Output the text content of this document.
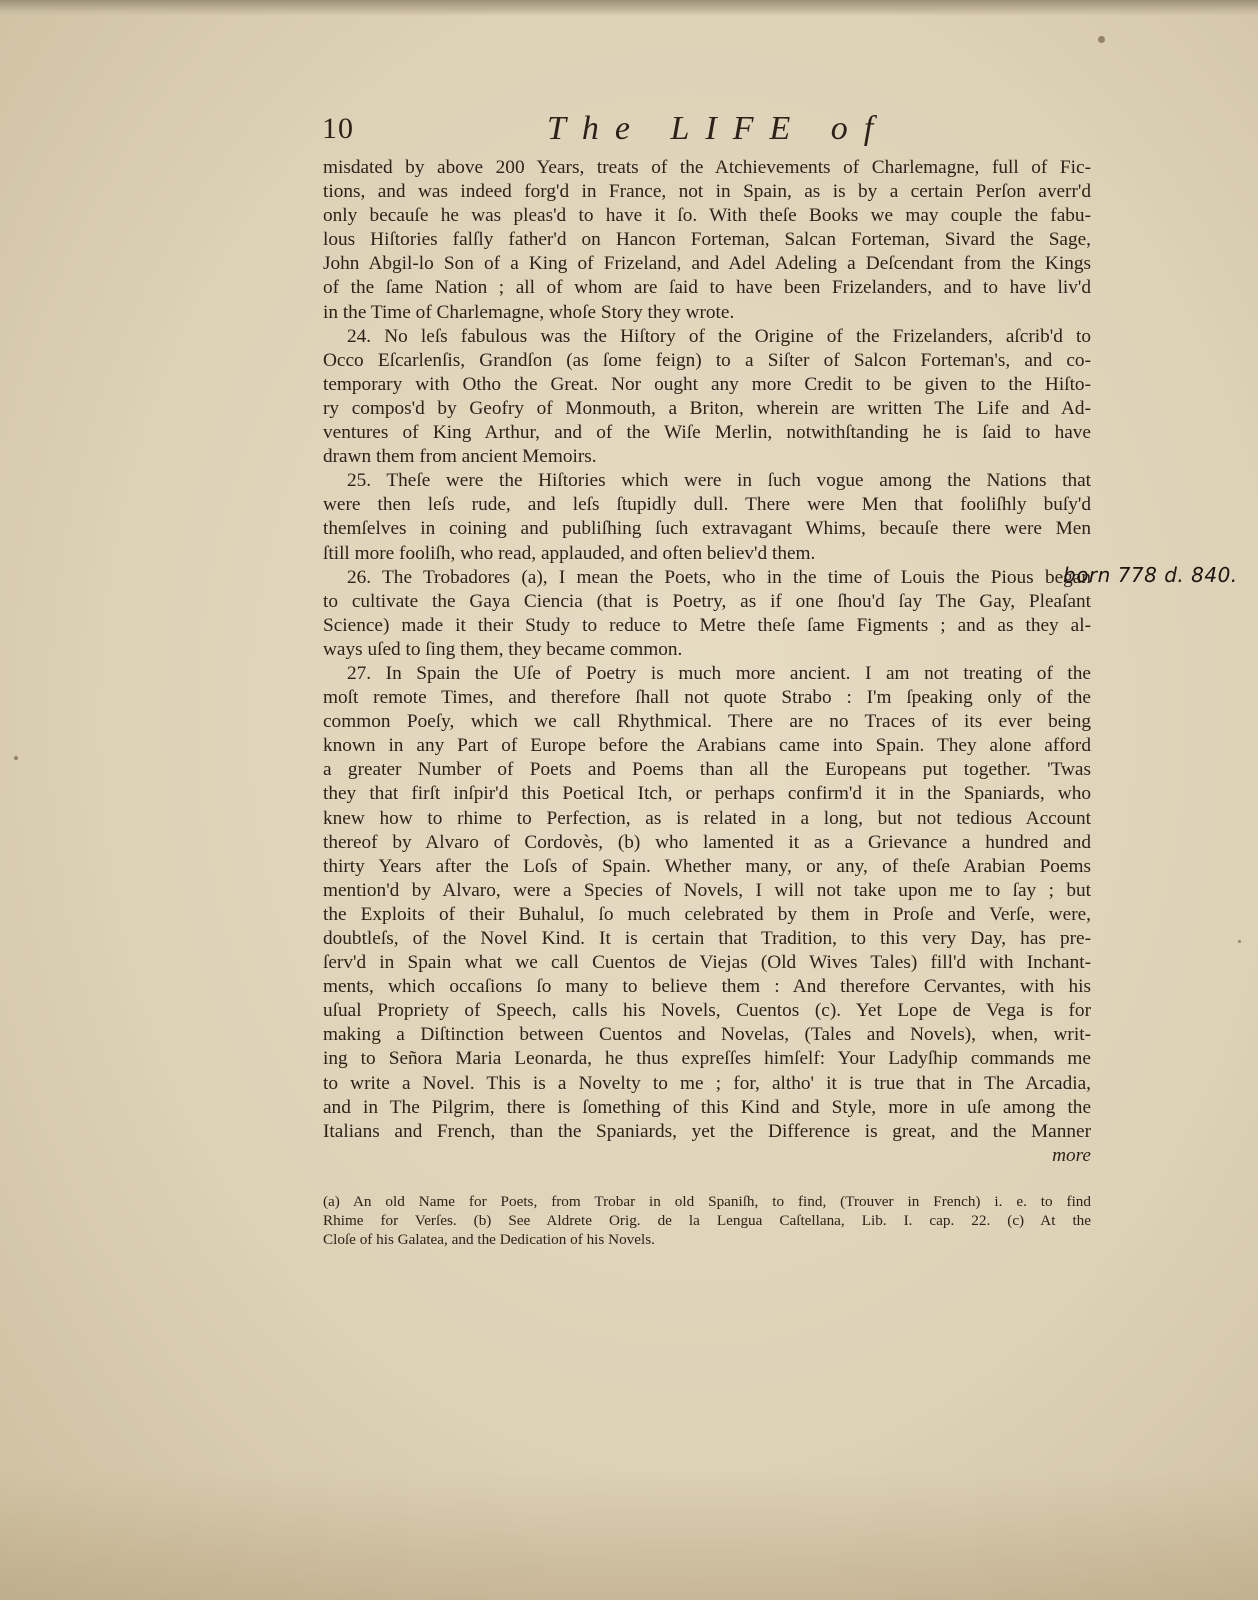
10	The LIFE of
misdated by above 200 Years, treats of the Atchievements of Charlemagne, full of Fic-
tions, and was indeed forg'd in France, not in Spain, as is by a certain Perſon averr'd
only becauſe he was pleas'd to have it ſo. With theſe Books we may couple the fabu-
lous Hiſtories falſly father'd on Hancon Forteman, Salcan Forteman, Sivard the Sage,
John Abgil-lo Son of a King of Frizeland, and Adel Adeling a Deſcendant from the Kings
of the ſame Nation ; all of whom are ſaid to have been Frizelanders, and to have liv'd
in the Time of Charlemagne, whoſe Story they wrote.
24. No leſs fabulous was the Hiſtory of the Origine of the Frizelanders, aſcrib'd to
Occo Eſcarlenſis, Grandſon (as ſome feign) to a Siſter of Salcon Forteman's, and co-
temporary with Otho the Great. Nor ought any more Credit to be given to the Hiſto-
ry compos'd by Geofry of Monmouth, a Briton, wherein are written The Life and Ad-
ventures of King Arthur, and of the Wiſe Merlin, notwithſtanding he is ſaid to have
drawn them from ancient Memoirs.
25. Theſe were the Hiſtories which were in ſuch vogue among the Nations that
were then leſs rude, and leſs ſtupidly dull. There were Men that fooliſhly buſy'd
themſelves in coining and publiſhing ſuch extravagant Whims, becauſe there were Men
ſtill more fooliſh, who read, applauded, and often believ'd them.
26. The Trobadores (a), I mean the Poets, who in the time of Louis the Pious began
to cultivate the Gaya Ciencia (that is Poetry, as if one ſhou'd ſay The Gay, Pleaſant
Science) made it their Study to reduce to Metre theſe ſame Figments ; and as they al-
ways uſed to ſing them, they became common.
27. In Spain the Uſe of Poetry is much more ancient. I am not treating of the
moſt remote Times, and therefore ſhall not quote Strabo : I'm ſpeaking only of the
common Poeſy, which we call Rhythmical. There are no Traces of its ever being
known in any Part of Europe before the Arabians came into Spain. They alone afford
a greater Number of Poets and Poems than all the Europeans put together. 'Twas
they that firſt inſpir'd this Poetical Itch, or perhaps confirm'd it in the Spaniards, who
knew how to rhime to Perfection, as is related in a long, but not tedious Account
thereof by Alvaro of Cordovès, (b) who lamented it as a Grievance a hundred and
thirty Years after the Loſs of Spain. Whether many, or any, of theſe Arabian Poems
mention'd by Alvaro, were a Species of Novels, I will not take upon me to ſay ; but
the Exploits of their Buhalul, ſo much celebrated by them in Proſe and Verſe, were,
doubtleſs, of the Novel Kind. It is certain that Tradition, to this very Day, has pre-
ſerv'd in Spain what we call Cuentos de Viejas (Old Wives Tales) fill'd with Inchant-
ments, which occaſions ſo many to believe them : And therefore Cervantes, with his
uſual Propriety of Speech, calls his Novels, Cuentos (c). Yet Lope de Vega is for
making a Diſtinction between Cuentos and Novelas, (Tales and Novels), when, writ-
ing to Señora Maria Leonarda, he thus expreſſes himſelf: Your Ladyſhip commands me
to write a Novel. This is a Novelty to me ; for, altho' it is true that in The Arcadia,
and in The Pilgrim, there is ſomething of this Kind and Style, more in uſe among the
Italians and French, than the Spaniards, yet the Difference is great, and the Manner
more
born 778 d. 840.
(a) An old Name for Poets, from Trobar in old Spaniſh, to find, (Trouver in French) i. e. to find
Rhime for Verſes. (b) See Aldrete Orig. de la Lengua Caſtellana, Lib. I. cap. 22. (c) At the
Cloſe of his Galatea, and the Dedication of his Novels.
